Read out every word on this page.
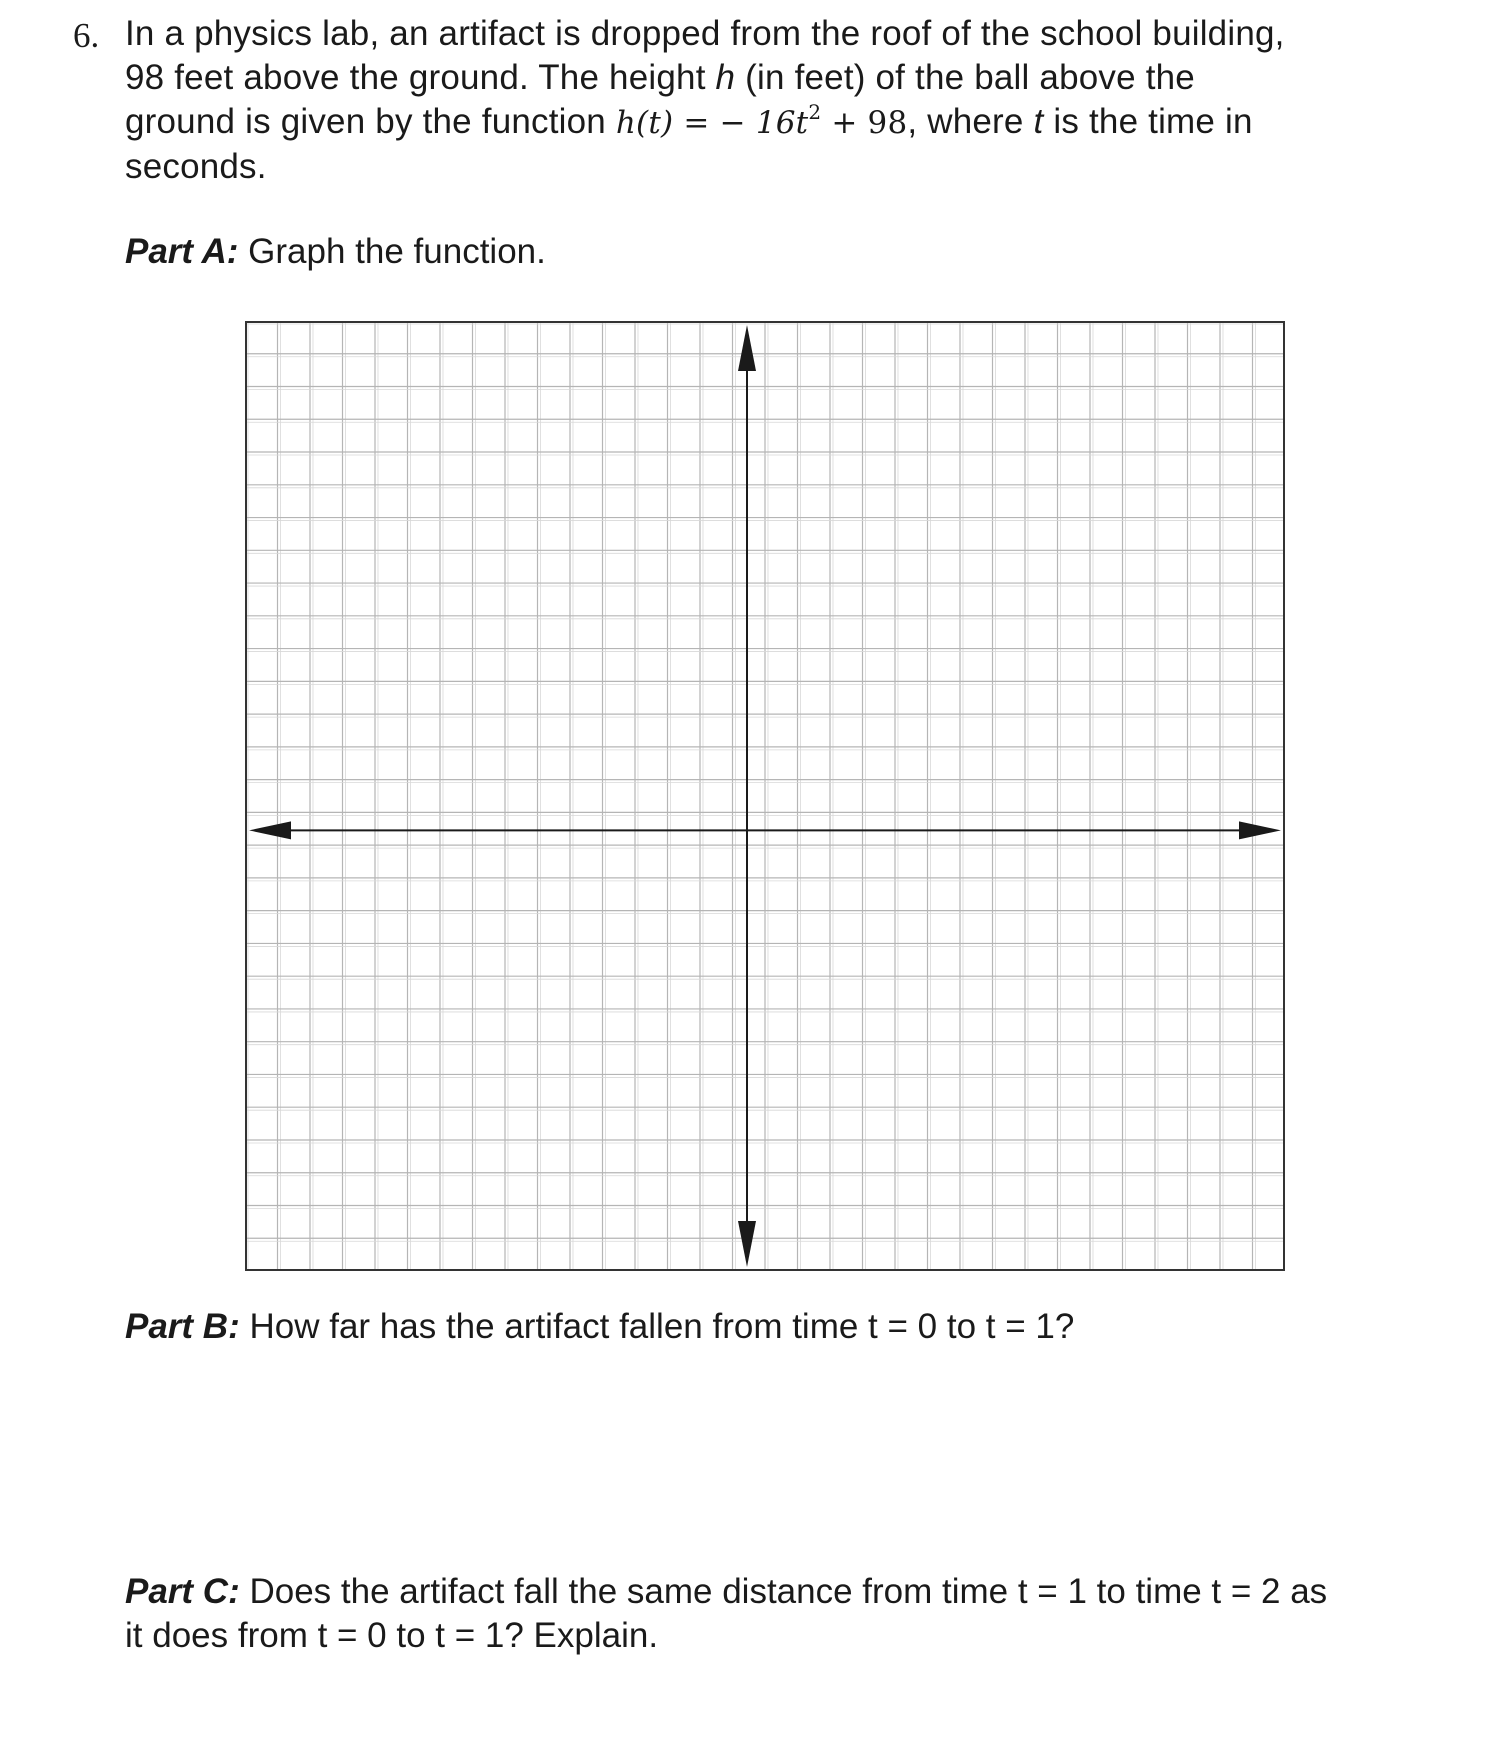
6. In a physics lab, an artifact is dropped from the roof of the school building,
98 feet above the ground. The height h (in feet) of the ball above the
ground is given by the function h(t) = − $16t^2 + 98$, where t is the time in
seconds.
Part A: Graph the function.
Part B: How far has the artifact fallen from time t = 0 to t = 1?
Part C: Does the artifact fall the same distance from time t = 1 to time t = 2 as
it does from t = 0 to t = 1? Explain.
